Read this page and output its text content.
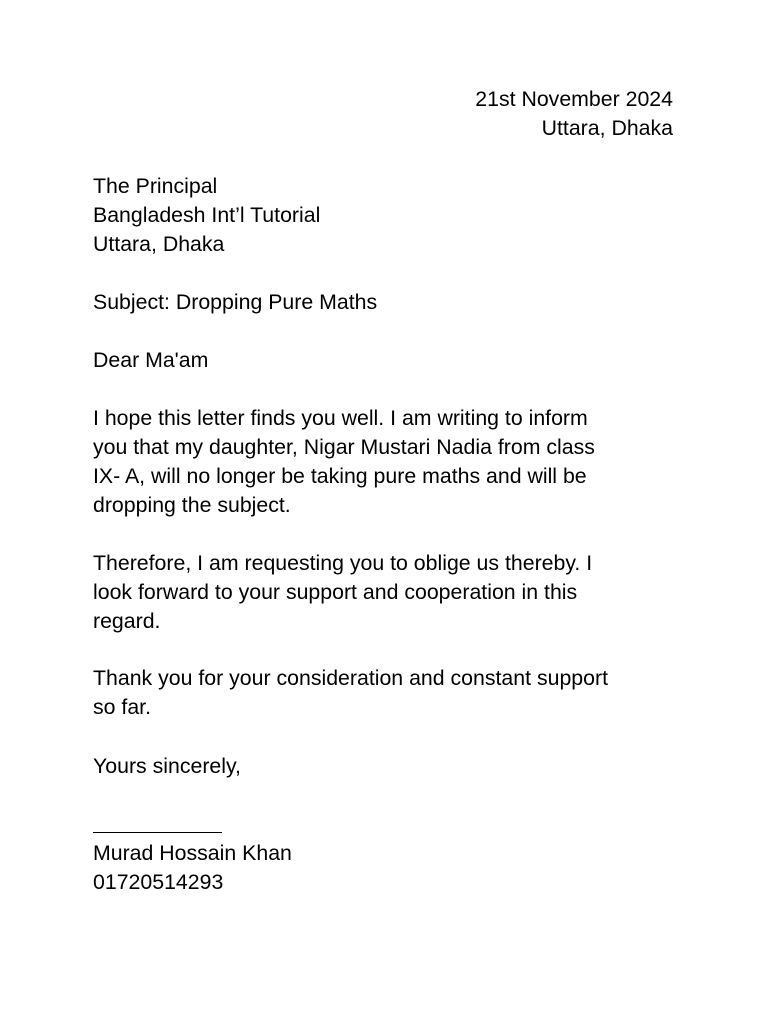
21st November 2024

Uttara, Dhaka

The Principal

Bangladesh Int’l Tutorial

Uttara, Dhaka

Subject: Dropping Pure Maths

Dear Ma'am

I hope this letter finds you well. I am writing to inform

you that my daughter, Nigar Mustari Nadia from class

IX- A, will no longer be taking pure maths and will be

dropping the subject.

Therefore, I am requesting you to oblige us thereby. I

look forward to your support and cooperation in this

regard.

Thank you for your consideration and constant support

so far.

Yours sincerely,

Murad Hossain Khan

01720514293
